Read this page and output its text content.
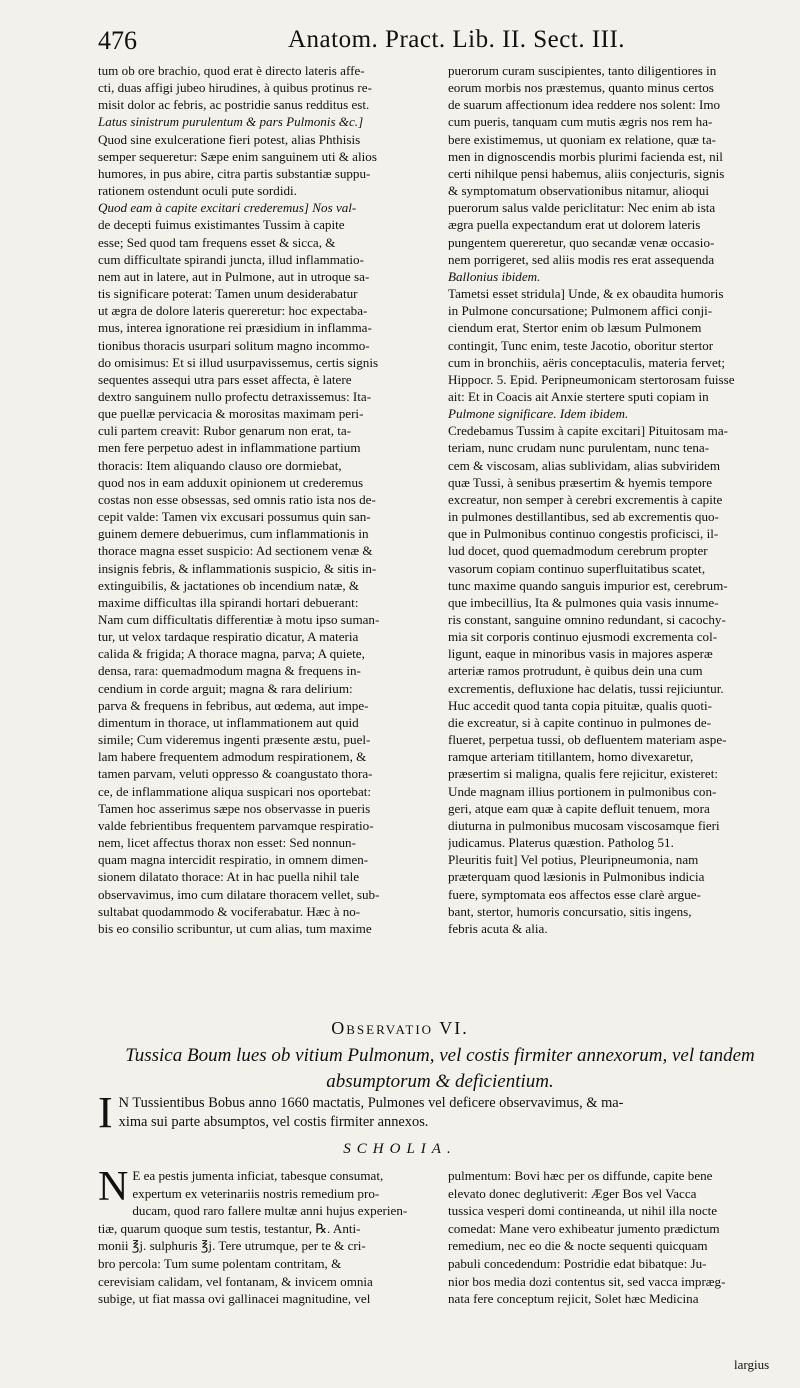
476	Anatom. Pract. Lib. II. Sect. III.
tum ob ore brachio, quod erat è directo lateris affe-
cti, duas affigi jubeo hirudines, à quibus protinus re-
misit dolor ac febris, ac postridie sanus redditus est.
Latus sinistrum purulentum & pars Pulmonis &c.]
Quod sine exulceratione fieri potest, alias Phthisis
semper sequeretur: Sæpe enim sanguinem uti & alios
humores, in pus abire, citra partis substantiæ suppu-
rationem ostendunt oculi pute sordidi.
Quod eam à capite excitari crederemus] Nos val-
de decepti fuimus existimantes Tussim à capite
esse; Sed quod tam frequens esset & sicca, &
cum difficultate spirandi juncta, illud inflammatio-
nem aut in latere, aut in Pulmone, aut in utroque sa-
tis significare poterat: Tamen unum desiderabatur
ut ægra de dolore lateris quereretur: hoc expectaba-
mus, interea ignoratione rei præsidium in inflamma-
tionibus thoracis usurpari solitum magno incommo-
do omisimus: Et si illud usurpavissemus, certis signis
sequentes assequi utra pars esset affecta, è latere
dextro sanguinem nullo profectu detraxissemus: Ita-
que puellæ pervicacia & morositas maximam peri-
culi partem creavit: Rubor genarum non erat, ta-
men fere perpetuo adest in inflammatione partium
thoracis: Item aliquando clauso ore dormiebat,
quod nos in eam adduxit opinionem ut crederemus
costas non esse obsessas, sed omnis ratio ista nos de-
cepit valde: Tamen vix excusari possumus quin san-
guinem demere debuerimus, cum inflammationis in
thorace magna esset suspicio: Ad sectionem venæ &
insignis febris, & inflammationis suspicio, & sitis in-
extinguibilis, & jactationes ob incendium natæ, &
maxime difficultas illa spirandi hortari debuerant:
Nam cum difficultatis differentiæ à motu ipso suman-
tur, ut velox tardaque respiratio dicatur, A materia
calida & frigida; A thorace magna, parva; A quiete,
densa, rara: quemadmodum magna & frequens in-
cendium in corde arguit; magna & rara delirium:
parva & frequens in febribus, aut œdema, aut impe-
dimentum in thorace, ut inflammationem aut quid
simile; Cum videremus ingenti præsente æstu, puel-
lam habere frequentem admodum respirationem, &
tamen parvam, veluti oppresso & coangustato thora-
ce, de inflammatione aliqua suspicari nos oportebat:
Tamen hoc asserimus sæpe nos observasse in pueris
valde febrientibus frequentem parvamque respiratio-
nem, licet affectus thorax non esset: Sed nonnun-
quam magna intercidit respiratio, in omnem dimen-
sionem dilatato thorace: At in hac puella nihil tale
observavimus, imo cum dilatare thoracem vellet, sub-
sultabat quodammodo & vociferabatur. Hæc à no-
bis eo consilio scribuntur, ut cum alias, tum maxime
puerorum curam suscipientes, tanto diligentiores in
eorum morbis nos præstemus, quanto minus certos
de suarum affectionum idea reddere nos solent: Imo
cum pueris, tanquam cum mutis ægris nos rem ha-
bere existimemus, ut quoniam ex relatione, quæ ta-
men in dignoscendis morbis plurimi facienda est, nil
certi nihilque pensi habemus, aliis conjecturis, signis
& symptomatum observationibus nitamur, alioqui
puerorum salus valde periclitatur: Nec enim ab ista
ægra puella expectandum erat ut dolorem lateris
pungentem quereretur, quo secandæ venæ occasio-
nem porrigeret, sed aliis modis res erat assequenda
Ballonius ibidem.
Tametsi esset stridula] Unde, & ex obaudita humoris
in Pulmone concursatione; Pulmonem affici conji-
ciendum erat, Stertor enim ob læsum Pulmonem
contingit, Tunc enim, teste Jacotio, oboritur stertor
cum in bronchiis, aëris conceptaculis, materia fervet;
Hippocr. 5. Epid. Peripneumonicam stertorosam fuisse
ait: Et in Coacis ait Anxie stertere sputi copiam in
Pulmone significare. Idem ibidem.
Credebamus Tussim à capite excitari] Pituitosam ma-
teriam, nunc crudam nunc purulentam, nunc tena-
cem & viscosam, alias sublividam, alias subviridem
quæ Tussi, à senibus præsertim & hyemis tempore
excreatur, non semper à cerebri excrementis à capite
in pulmones destillantibus, sed ab excrementis quo-
que in Pulmonibus continuo congestis proficisci, il-
lud docet, quod quemadmodum cerebrum propter
vasorum copiam continuo superfluitatibus scatet,
tunc maxime quando sanguis impurior est, cerebrum-
que imbecillius, Ita & pulmones quia vasis innume-
ris constant, sanguine omnino redundant, si cacochy-
mia sit corporis continuo ejusmodi excrementa col-
ligunt, eaque in minoribus vasis in majores asperæ
arteriæ ramos protrudunt, è quibus dein una cum
excrementis, defluxione hac delatis, tussi rejiciuntur.
Huc accedit quod tanta copia pituitæ, qualis quoti-
die excreatur, si à capite continuo in pulmones de-
flueret, perpetua tussi, ob defluentem materiam aspe-
ramque arteriam titillantem, homo divexaretur,
præsertim si maligna, qualis fere rejicitur, existeret:
Unde magnam illius portionem in pulmonibus con-
geri, atque eam quæ à capite defluit tenuem, mora
diuturna in pulmonibus mucosam viscosamque fieri
judicamus. Platerus quæstion. Patholog 51.
Pleuritis fuit] Vel potius, Pleuripneumonia, nam
præterquam quod læsionis in Pulmonibus indicia
fuere, symptomata eos affectos esse clarè argue-
bant, stertor, humoris concursatio, sitis ingens,
febris acuta & alia.
Observatio VI.
Tussica Boum lues ob vitium Pulmonum, vel costis firmiter annexorum, vel tandem
absumptorum & deficientium.
I N Tussientibus Bobus anno 1660 mactatis, Pulmones vel deficere observavimus, & ma-
xima sui parte absumptos, vel costis firmiter annexos.
SCHOLIA.
N E ea pestis jumenta inficiat, tabesque consumat,
expertum ex veterinariis nostris remedium pro-
ducam, quod raro fallere multæ anni hujus experien-
tiæ, quarum quoque sum testis, testantur, ℞. Anti-
monii ℥j. sulphuris ℥j. Tere utrumque, per te & cri-
bro percola: Tum sume polentam contritam, &
cerevisiam calidam, vel fontanam, & invicem omnia
subige, ut fiat massa ovi gallinacei magnitudine, vel
pulmentum: Bovi hæc per os diffunde, capite bene
elevato donec deglutiverit: Æger Bos vel Vacca
tussica vesperi domi contineanda, ut nihil illa nocte
comedat: Mane vero exhibeatur jumento prædictum
remedium, nec eo die & nocte sequenti quicquam
pabuli concedendum: Postridie edat bibatque: Ju-
nior bos media dozi contentus sit, sed vacca impræg-
nata fere conceptum rejicit, Solet hæc Medicina
largius
